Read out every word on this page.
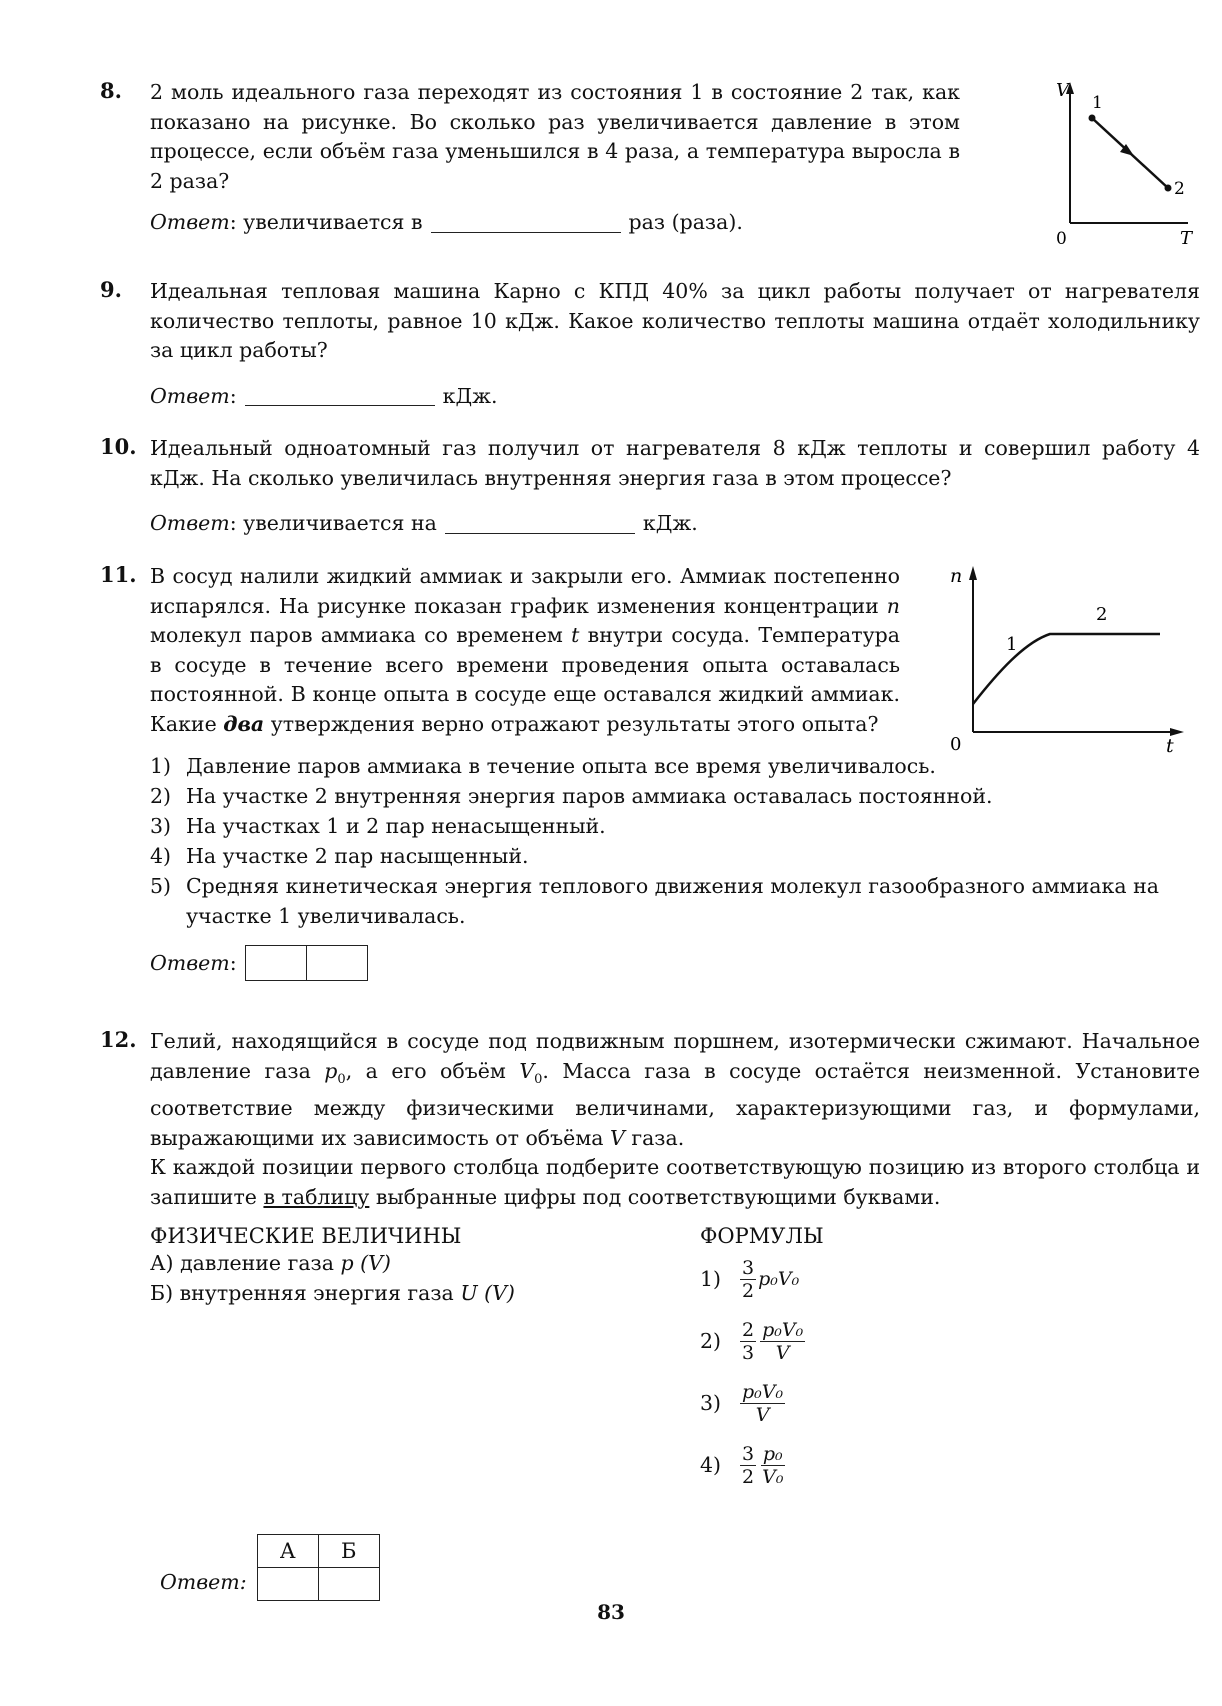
8. 2 моль идеального газа переходят из состояния 1 в состояние 2 так, как показано на рисунке. Во сколько раз увеличивается давление в этом процессе, если объём газа уменьшился в 4 раза, а температура выросла в 2 раза?
Ответ: увеличивается в	раз (раза).
V
1
2
0	T
9. Идеальная тепловая машина Карно с КПД 40% за цикл работы получает от нагревателя количество теплоты, равное 10 кДж. Какое количество теплоты машина отдаёт холодильнику за цикл работы?
Ответ:	кДж.
10. Идеальный одноатомный газ получил от нагревателя 8 кДж теплоты и совершил работу 4 кДж. На сколько увеличилась внутренняя энергия газа в этом процессе?
Ответ: увеличивается на	кДж.
11. В сосуд налили жидкий аммиак и закрыли его. Аммиак постепенно испарялся. На рисунке показан график изменения концентрации n молекул паров аммиака со временем t внутри сосуда. Температура в сосуде в течение всего времени проведения опыта оставалась постоянной. В конце опыта в сосуде еще оставался жидкий аммиак. Какие два утверждения верно отражают результаты этого опыта?
n
1
2
0	t
1) Давление паров аммиака в течение опыта все время увеличивалось.
2) На участке 2 внутренняя энергия паров аммиака оставалась постоянной.
3) На участках 1 и 2 пар ненасыщенный.
4) На участке 2 пар насыщенный.
5) Средняя кинетическая энергия теплового движения молекул газообразного аммиака на участке 1 увеличивалась.
Ответ:
12. Гелий, находящийся в сосуде под подвижным поршнем, изотермически сжимают. Начальное давление газа $p_0$, а его объём $V_0$. Масса газа в сосуде остаётся неизменной. Установите соответствие между физическими величинами, характеризующими газ, и формулами, выражающими их зависимость от объёма V газа.
К каждой позиции первого столбца подберите соответствующую позицию из второго столбца и запишите в таблицу выбранные цифры под соответствующими буквами.
ФИЗИЧЕСКИЕ ВЕЛИЧИНЫ
А) давление газа p (V)
Б) внутренняя энергия газа U (V)
ФОРМУЛЫ
1)	3
2
p₀V₀
2)	2
3
p₀V₀
V
3)	p₀V₀
V
4)	3
2
p₀
V₀
Ответ:
А	Б

83
